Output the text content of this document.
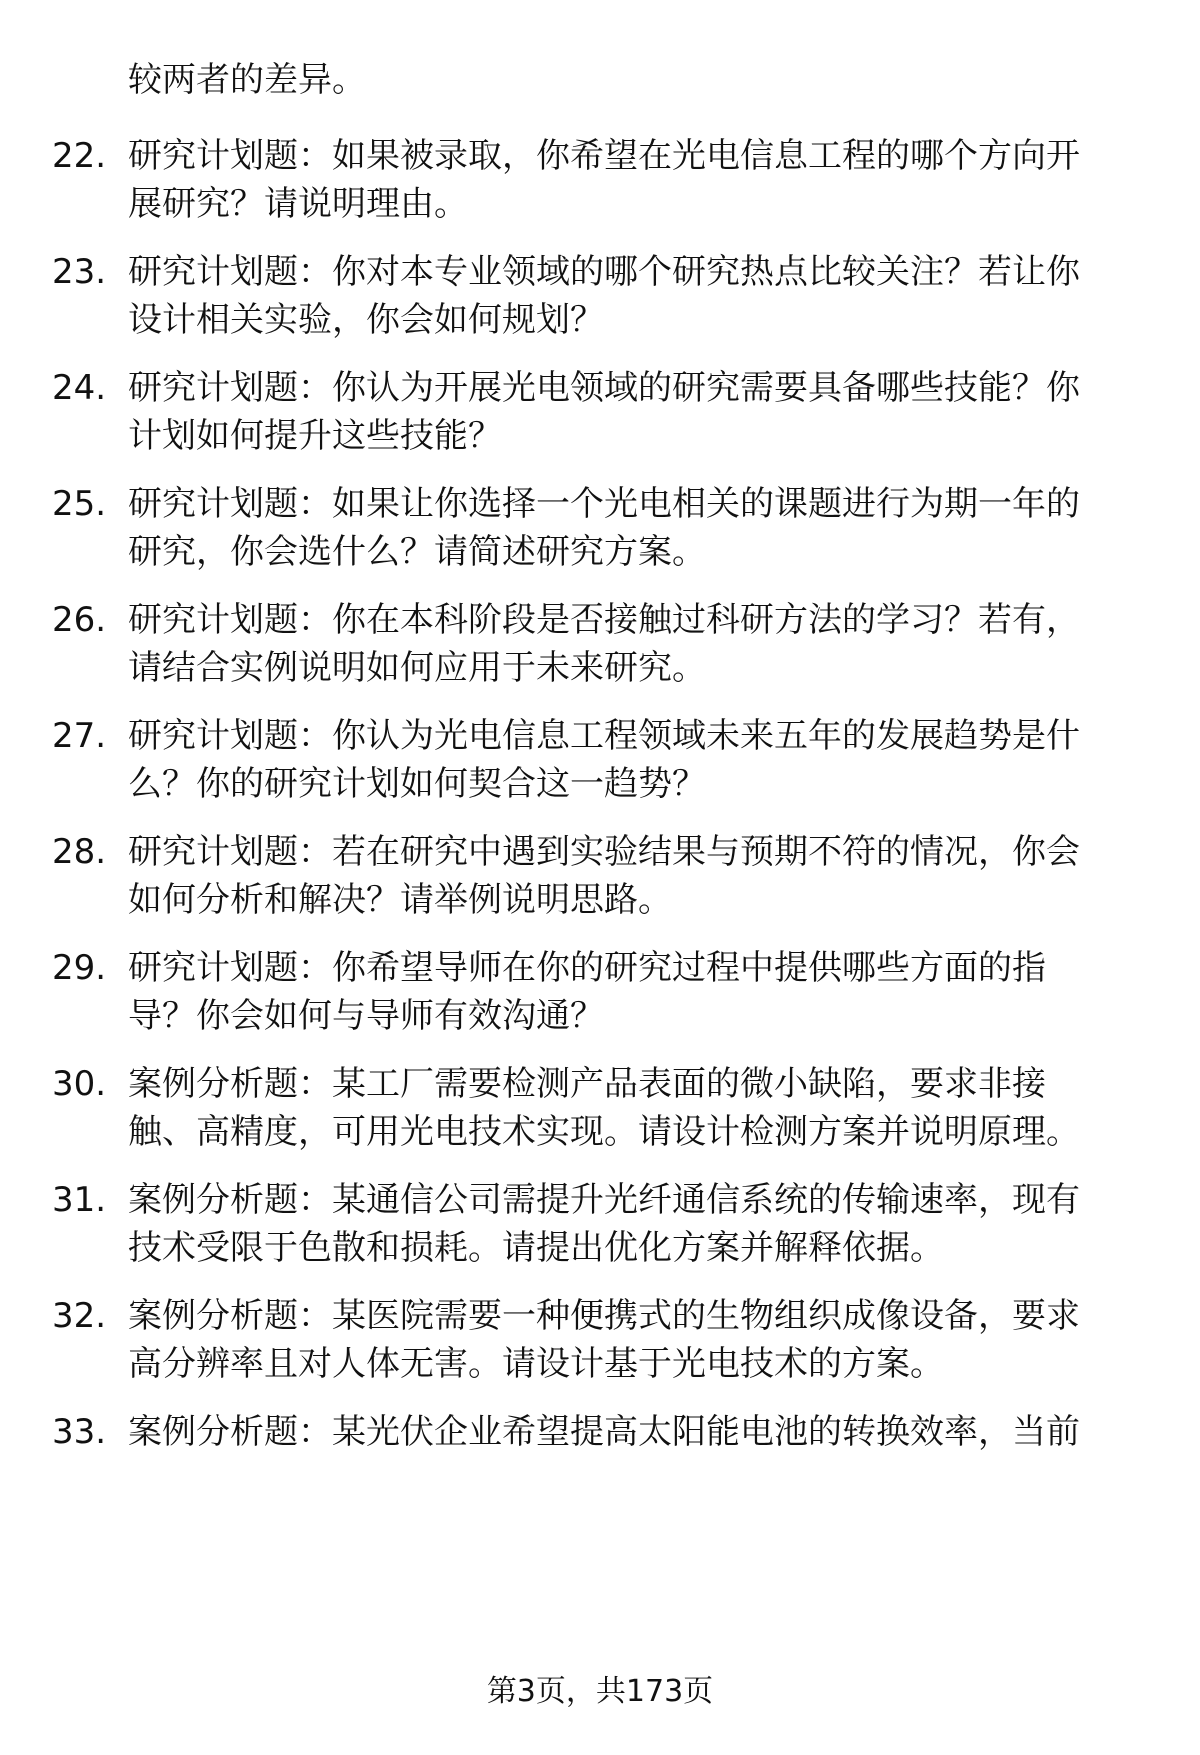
较两者的差异。
22. 研究计划题：如果被录取，你希望在光电信息工程的哪个方向开
展研究？请说明理由。
23. 研究计划题：你对本专业领域的哪个研究热点比较关注？若让你
设计相关实验，你会如何规划？
24. 研究计划题：你认为开展光电领域的研究需要具备哪些技能？你
计划如何提升这些技能？
25. 研究计划题：如果让你选择一个光电相关的课题进行为期一年的
研究，你会选什么？请简述研究方案。
26. 研究计划题：你在本科阶段是否接触过科研方法的学习？若有，
请结合实例说明如何应用于未来研究。
27. 研究计划题：你认为光电信息工程领域未来五年的发展趋势是什
么？你的研究计划如何契合这一趋势？
28. 研究计划题：若在研究中遇到实验结果与预期不符的情况，你会
如何分析和解决？请举例说明思路。
29. 研究计划题：你希望导师在你的研究过程中提供哪些方面的指
导？你会如何与导师有效沟通？
30. 案例分析题：某工厂需要检测产品表面的微小缺陷，要求非接
触、高精度，可用光电技术实现。请设计检测方案并说明原理。
31. 案例分析题：某通信公司需提升光纤通信系统的传输速率，现有
技术受限于色散和损耗。请提出优化方案并解释依据。
32. 案例分析题：某医院需要一种便携式的生物组织成像设备，要求
高分辨率且对人体无害。请设计基于光电技术的方案。
33. 案例分析题：某光伏企业希望提高太阳能电池的转换效率，当前
第3页，共173页
